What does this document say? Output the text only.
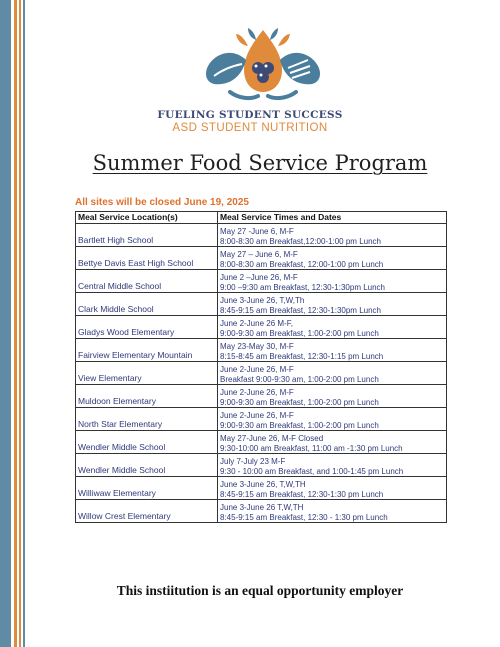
FUELING STUDENT SUCCESS
ASD STUDENT NUTRITION
Summer Food Service Program
All sites will be closed June 19, 2025
Meal Service Location(s)	Meal Service Times and Dates
Bartlett High School	May 27 -June 6, M-F
8:00-8:30 am Breakfast,12:00-1:00 pm Lunch

Bettye Davis East High School	May 27 – June 6, M-F
8:00-8:30 am Breakfast, 12:00-1:00 pm Lunch

Central Middle School	June 2 –June 26, M-F
9:00 –9:30 am Breakfast, 12:30-1:30pm Lunch

Clark Middle School	June 3-June 26, T,W,Th
8:45-9:15 am Breakfast, 12:30-1:30pm Lunch

Gladys Wood Elementary	June 2-June 26 M-F,
9:00-9:30 am Breakfast, 1:00-2:00 pm Lunch

Fairview Elementary Mountain	May 23-May 30, M-F
8:15-8:45 am Breakfast, 12:30-1:15 pm Lunch

View Elementary	June 2-June 26, M-F
Breakfast 9:00-9:30 am, 1:00-2:00 pm Lunch

Muldoon Elementary	June 2-June 26, M-F
9:00-9:30 am Breakfast, 1:00-2:00 pm Lunch

North Star Elementary	June 2-June 26, M-F
9:00-9:30 am Breakfast, 1:00-2:00 pm Lunch

Wendler Middle School	May 27-June 26, M-F Closed
9:30-10:00 am Breakfast, 11:00 am -1:30 pm Lunch

Wendler Middle School	July 7-July 23 M-F
9:30 - 10:00 am Breakfast, and 1:00-1:45 pm Lunch

Williwaw Elementary	June 3-June 26, T,W,TH
8:45-9:15 am Breakfast, 12:30-1:30 pm Lunch

Willow Crest Elementary	June 3-June 26 T,W,TH
8:45-9:15 am Breakfast, 12:30 - 1:30 pm Lunch
This instiitution is an equal opportunity employer
